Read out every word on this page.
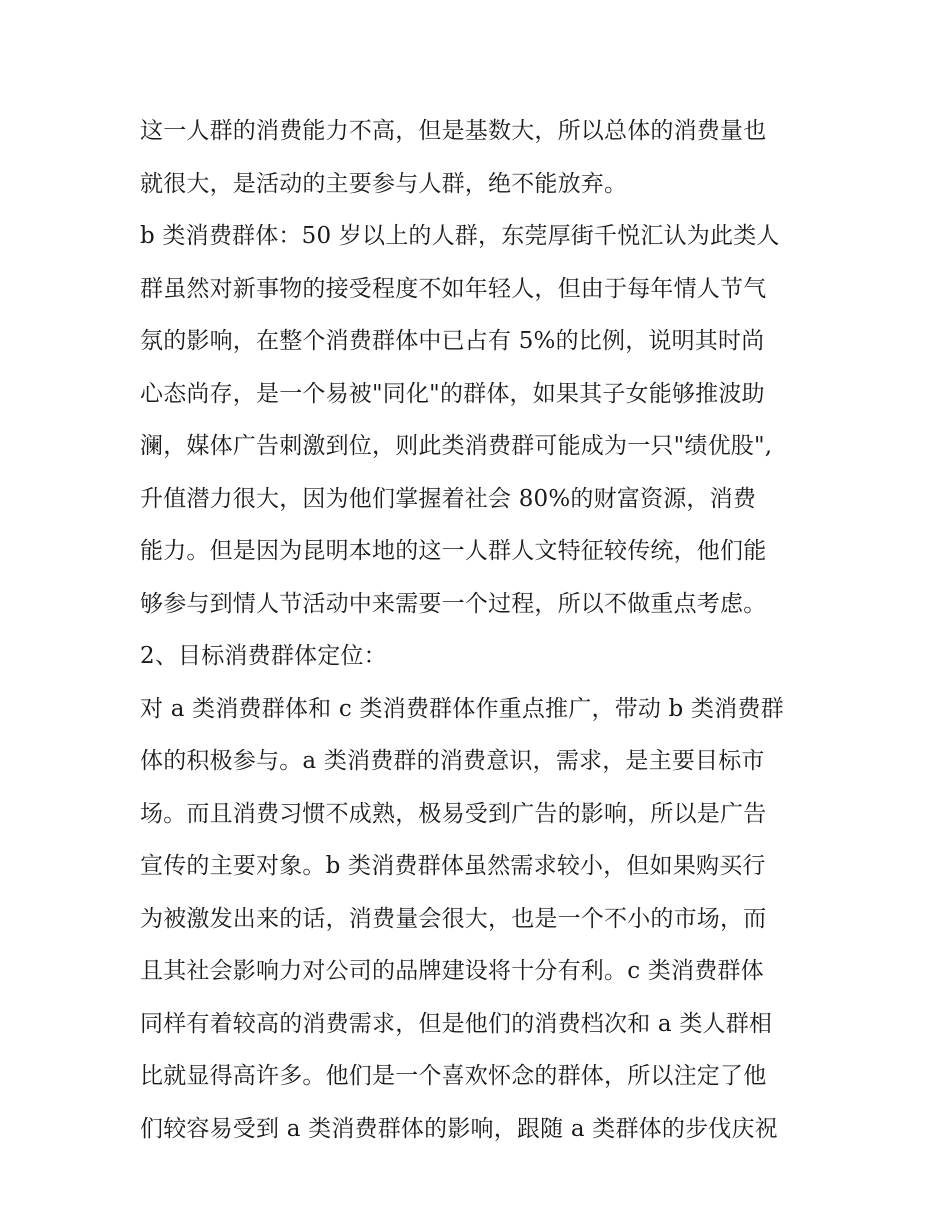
这一人群的消费能力不高，但是基数大，所以总体的消费量也
就很大，是活动的主要参与人群，绝不能放弃。
b 类消费群体：50 岁以上的人群，东莞厚街千悦汇认为此类人
群虽然对新事物的接受程度不如年轻人，但由于每年情人节气
氛的影响，在整个消费群体中已占有 5%的比例，说明其时尚
心态尚存，是一个易被"同化"的群体，如果其子女能够推波助
澜，媒体广告刺激到位，则此类消费群可能成为一只"绩优股",
升值潜力很大，因为他们掌握着社会 80%的财富资源，消费
能力。但是因为昆明本地的这一人群人文特征较传统，他们能
够参与到情人节活动中来需要一个过程，所以不做重点考虑。
2、目标消费群体定位：
对 a 类消费群体和 c 类消费群体作重点推广，带动 b 类消费群
体的积极参与。a 类消费群的消费意识，需求，是主要目标市
场。而且消费习惯不成熟，极易受到广告的影响，所以是广告
宣传的主要对象。b 类消费群体虽然需求较小，但如果购买行
为被激发出来的话，消费量会很大，也是一个不小的市场，而
且其社会影响力对公司的品牌建设将十分有利。c 类消费群体
同样有着较高的消费需求，但是他们的消费档次和 a 类人群相
比就显得高许多。他们是一个喜欢怀念的群体，所以注定了他
们较容易受到 a 类消费群体的影响，跟随 a 类群体的步伐庆祝
